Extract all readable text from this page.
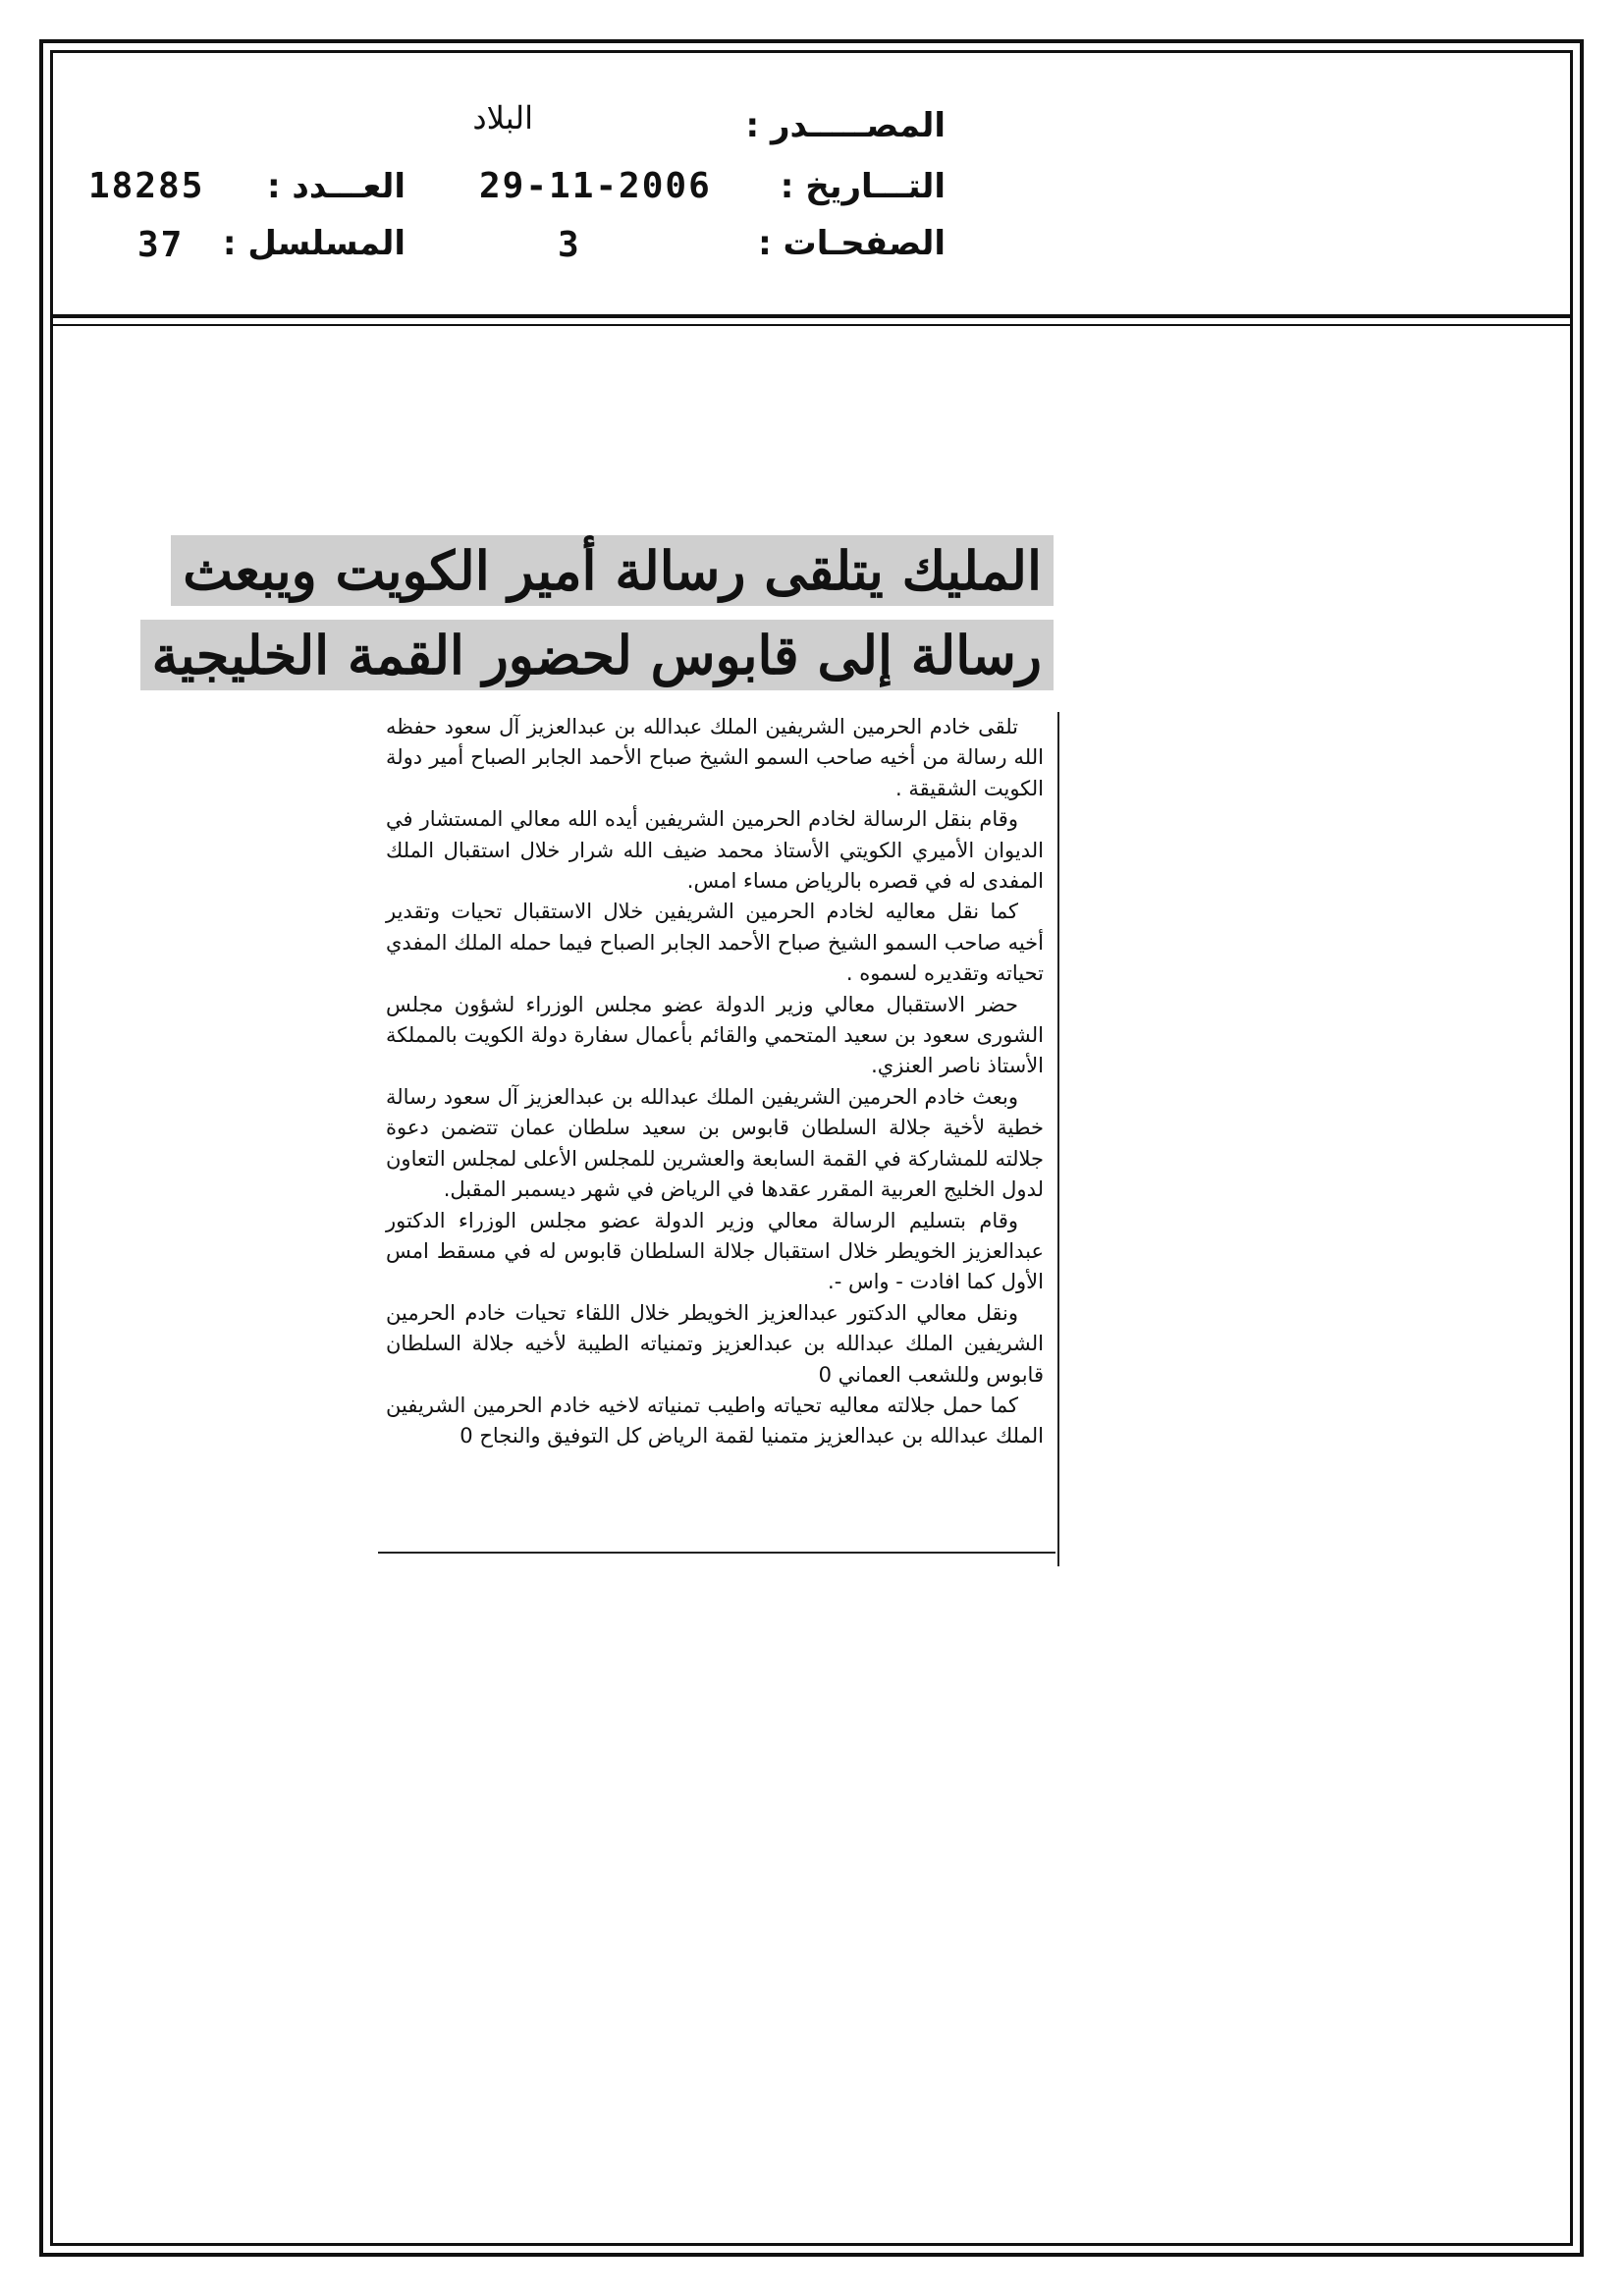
المصـــــدر :
البلاد
التـــاريخ :
29-11-2006
العـــدد :
18285
الصفحـات :
3
المسلسل :
37
المليك يتلقى رسالة أمير الكويت ويبعث
رسالة إلى قابوس لحضور القمة الخليجية

تلقى خادم الحرمين الشريفين الملك عبدالله بن عبدالعزيز آل سعود حفظه الله رسالة من أخيه صاحب السمو الشيخ صباح الأحمد الجابر الصباح أمير دولة الكويت الشقيقة .

وقام بنقل الرسالة لخادم الحرمين الشريفين أيده الله معالي المستشار في الديوان الأميري الكويتي الأستاذ محمد ضيف الله شرار خلال استقبال الملك المفدى له في قصره بالرياض مساء امس.

كما نقل معاليه لخادم الحرمين الشريفين خلال الاستقبال تحيات وتقدير أخيه صاحب السمو الشيخ صباح الأحمد الجابر الصباح فيما حمله الملك المفدي تحياته وتقديره لسموه .

حضر الاستقبال معالي وزير الدولة عضو مجلس الوزراء لشؤون مجلس الشورى سعود بن سعيد المتحمي والقائم بأعمال سفارة دولة الكويت بالمملكة الأستاذ ناصر العنزي.

وبعث خادم الحرمين الشريفين الملك عبدالله بن عبدالعزيز آل سعود رسالة خطية لأخية جلالة السلطان قابوس بن سعيد سلطان عمان تتضمن دعوة جلالته للمشاركة في القمة السابعة والعشرين للمجلس الأعلى لمجلس التعاون لدول الخليج العربية المقرر عقدها في الرياض في شهر ديسمبر المقبل.

وقام بتسليم الرسالة معالي وزير الدولة عضو مجلس الوزراء الدكتور عبدالعزيز الخويطر خلال استقبال جلالة السلطان قابوس له في مسقط امس الأول كما افادت - واس -.

ونقل معالي الدكتور عبدالعزيز الخويطر خلال اللقاء تحيات خادم الحرمين الشريفين الملك عبدالله بن عبدالعزيز وتمنياته الطيبة لأخيه جلالة السلطان قابوس وللشعب العماني 0

كما حمل جلالته معاليه تحياته واطيب تمنياته لاخيه خادم الحرمين الشريفين الملك عبدالله بن عبدالعزيز متمنيا لقمة الرياض كل التوفيق والنجاح 0
